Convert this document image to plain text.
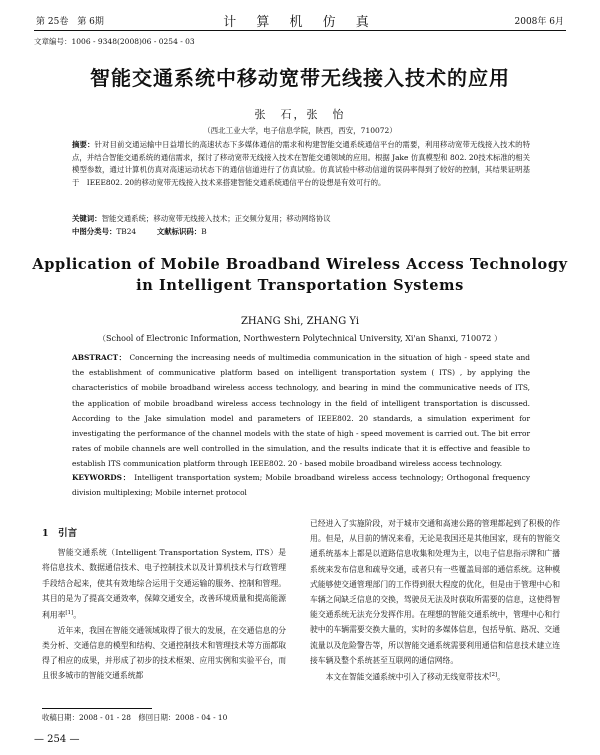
第 25卷　第 6期	计 算 机 仿 真	2008年 6月
文章编号：1006 - 9348(2008)06 - 0254 - 03
智能交通系统中移动宽带无线接入技术的应用
张　石，张　怡
（西北工业大学，电子信息学院，陕西，西安，710072）
摘要：针对目前交通运输中日益增长的高速状态下多媒体通信的需求和构建智能交通系统通信平台的需要，利用移动宽带无线接入技术的特点，并结合智能交通系统的通信需求，探讨了移动宽带无线接入技术在智能交通领域的应用。根据 Jake 仿真模型和 802. 20技术标准的相关模型参数，通过计算机仿真对高速运动状态下的通信信道进行了仿真试验。仿真试验中移动信道的误码率得到了较好的控制，其结果证明基于　IEEE802. 20的移动宽带无线接入技术来搭建智能交通系统通信平台的设想是有效可行的。
关键词：智能交通系统；移动宽带无线接入技术；正交频分复用；移动网络协议
中图分类号：TB24	文献标识码：B
Application of Mobile Broadband Wireless Access Technology
in Intelligent Transportation Systems
ZHANG Shi, ZHANG Yi
（School of Electronic Information, Northwestern Polytechnical University, Xi'an Shanxi, 710072 ）
ABSTRACT： Concerning the increasing needs of multimedia communication in the situation of high - speed state and the establishment of communicative platform based on intelligent transportation system ( ITS) , by applying the characteristics of mobile broadband wireless access technology, and bearing in mind the communicative needs of ITS, the application of mobile broadband wireless access technology in the field of intelligent transportation is discussed. According to the Jake simulation model and parameters of IEEE802. 20 standards, a simulation experiment for investigating the performance of the channel models with the state of high - speed movement is carried out. The bit error rates of mobile channels are well controlled in the simulation, and the results indicate that it is effective and feasible to establish ITS communication platform through IEEE802. 20 - based mobile broadband wireless access technology.
KEYWORDS： Intelligent transportation system; Mobile broadband wireless access technology; Orthogonal frequency division multiplexing; Mobile internet protocol
1　引言

智能交通系统（Intelligent Transportation System, ITS）是将信息技术、数据通信技术、电子控制技术以及计算机技术与行政管理手段结合起来，使其有效地综合运用于交通运输的服务、控制和管理。其目的是为了提高交通效率，保障交通安全，改善环境质量和提高能源利用率[1]。

近年来，我国在智能交通领域取得了很大的发展，在交通信息的分类分析、交通信息的模型和结构、交通控制技术和管理技术等方面都取得了相应的成果，并形成了初步的技术框架、应用实例和实验平台，而且很多城市的智能交通系统都

已经进入了实施阶段，对于城市交通和高速公路的管理都起到了积极的作用。但是，从目前的情况来看，无论是我国还是其他国家，现有的智能交通系统基本上都是以道路信息收集和处理为主，以电子信息指示牌和广播系统来发布信息和疏导交通，或者只有一些覆盖局部的通信系统。这种模式能够使交通管理部门的工作得到很大程度的优化，但是由于管理中心和车辆之间缺乏信息的交换，驾驶员无法及时获取所需要的信息，这使得智能交通系统无法充分发挥作用。在理想的智能交通系统中，管理中心和行驶中的车辆需要交换大量的，实时的多媒体信息，包括导航、路况、交通流量以及危险警告等，所以智能交通系统需要利用通信和信息技术建立连接车辆及整个系统甚至互联网的通信网络。

本文在智能交通系统中引入了移动无线宽带技术[2]。

收稿日期：2008 - 01 - 28　修回日期：2008 - 04 - 10
— 254 —
